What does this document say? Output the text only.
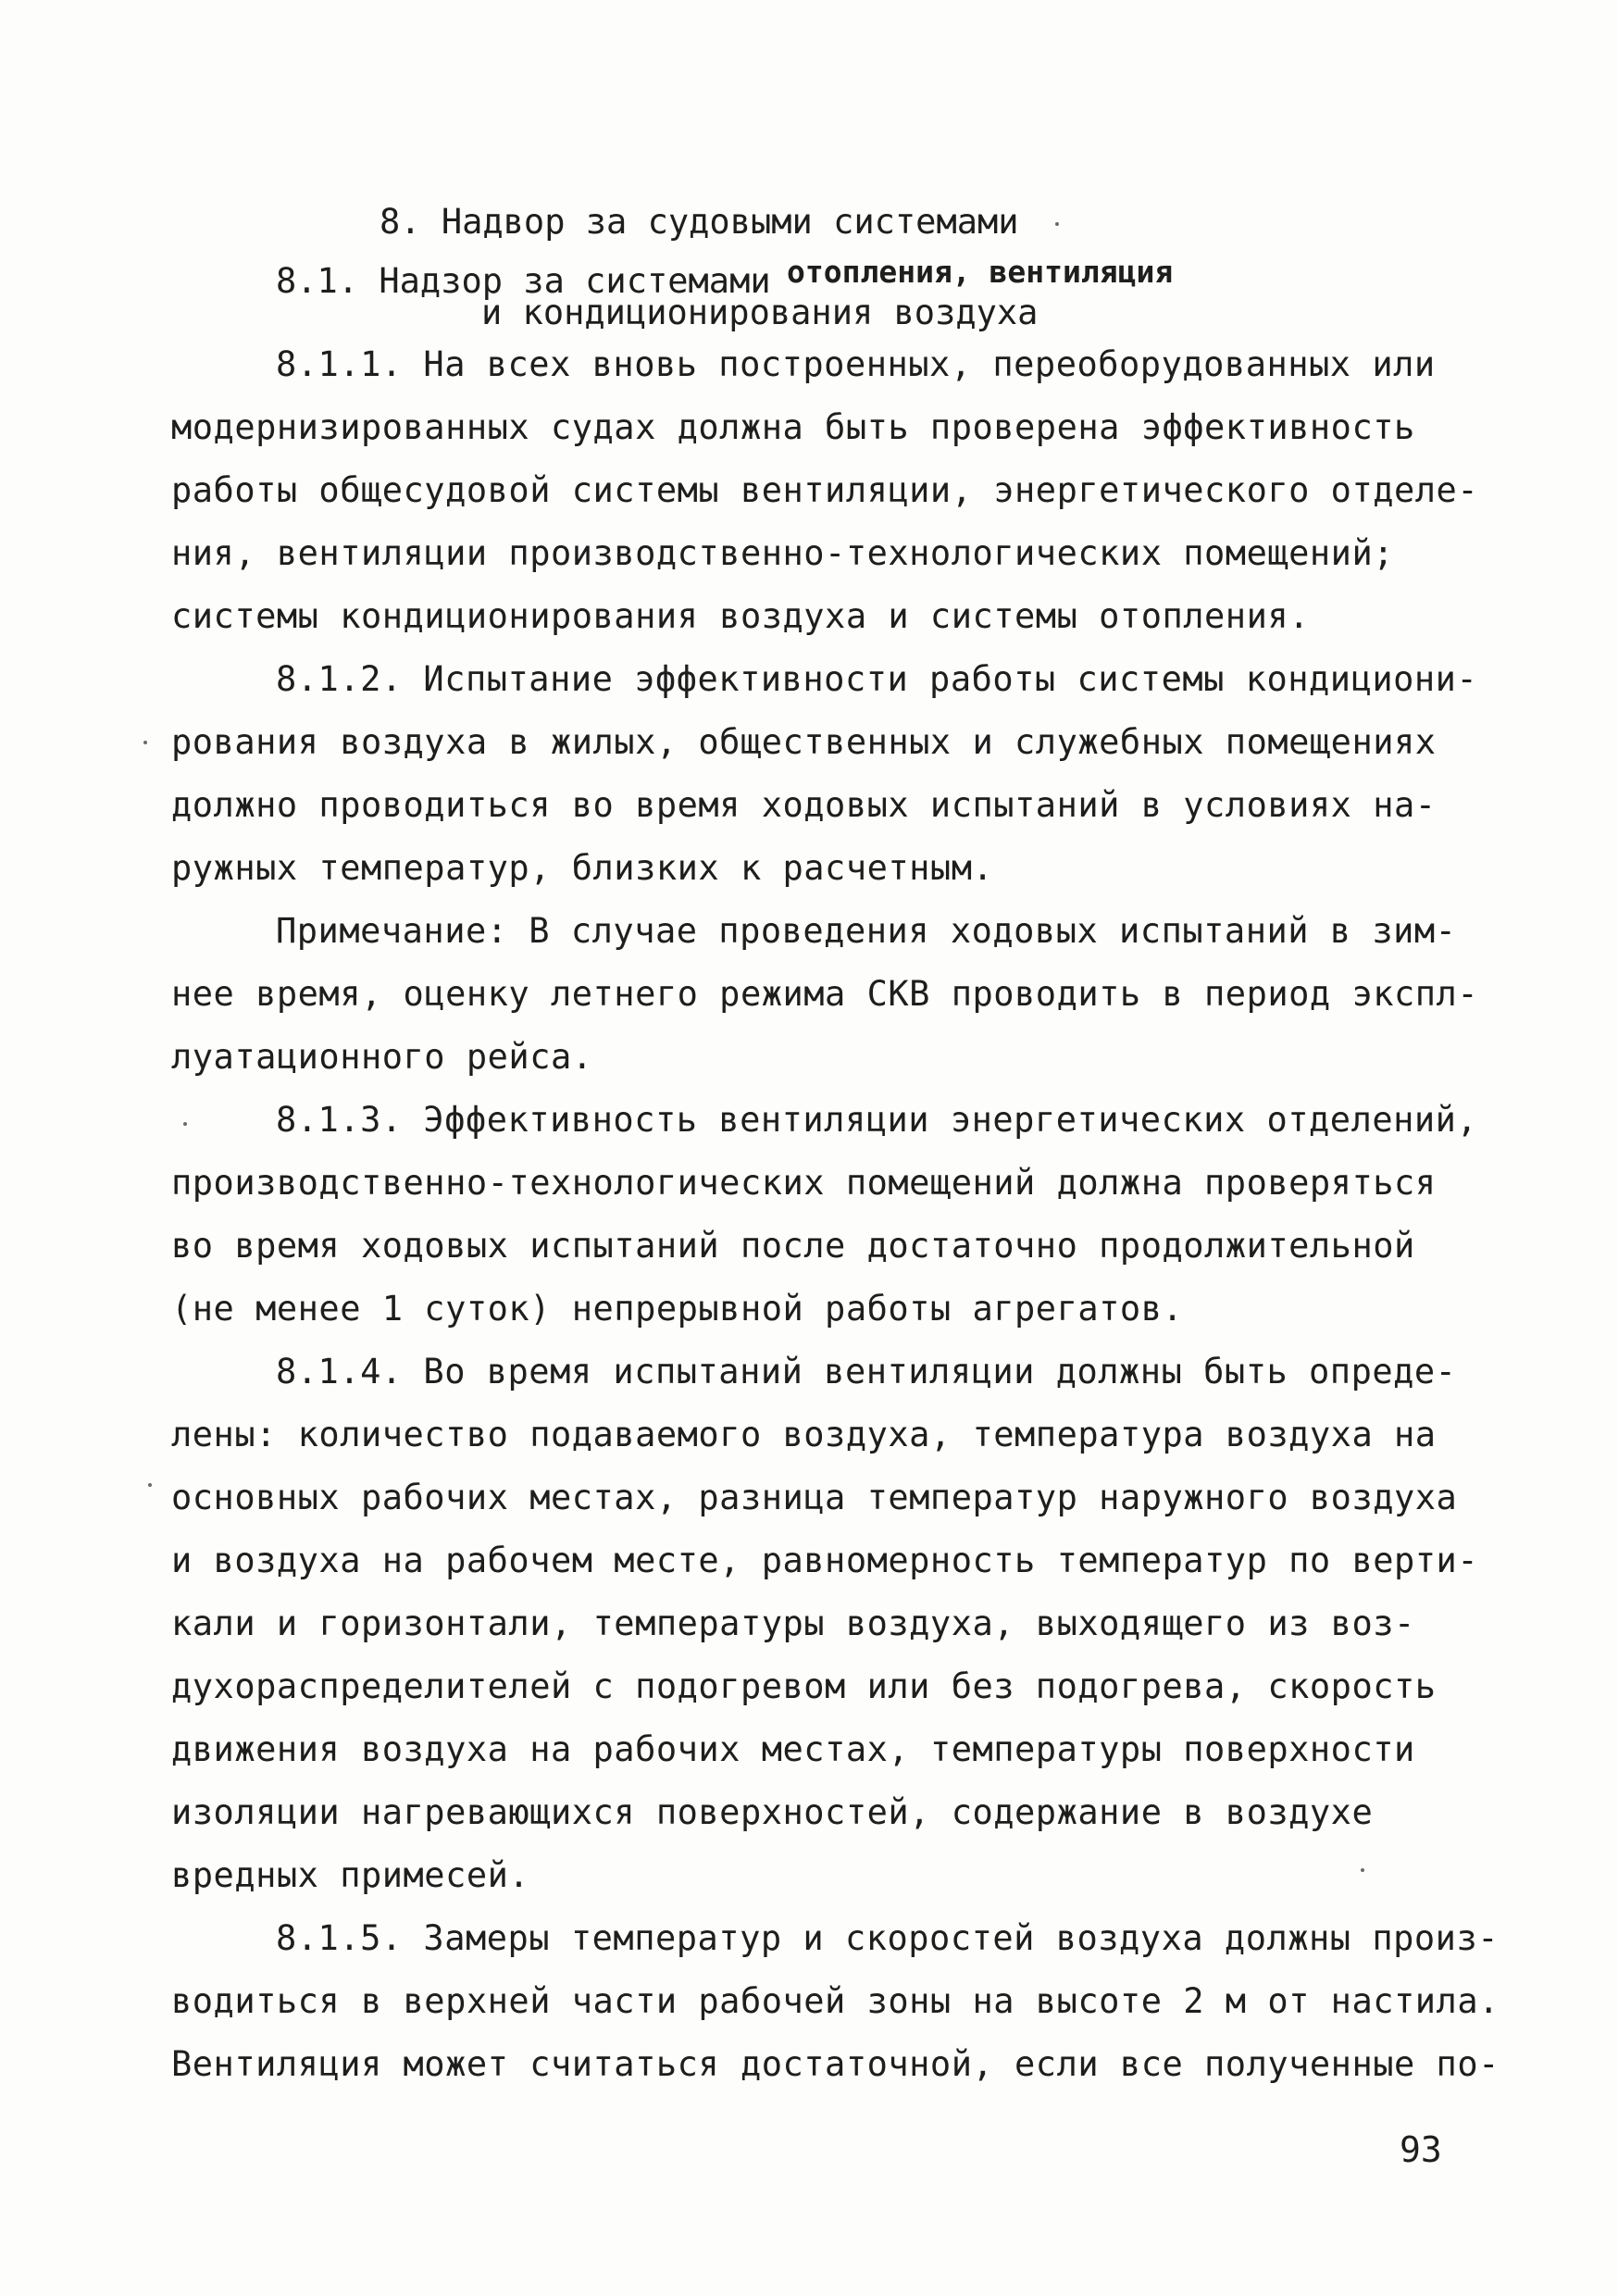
8. Надвор за судовыми системами
8.1. Надзор за системами отопления, вентиляция
и кондиционирования воздуха
8.1.1. На всех вновь построенных, переоборудованных или
модернизированных судах должна быть проверена эффективность
работы общесудовой системы вентиляции, энергетического отделе-
ния, вентиляции производственно-технологических помещений;
системы кондиционирования воздуха и системы отопления.
8.1.2. Испытание эффективности работы системы кондициони-
рования воздуха в жилых, общественных и служебных помещениях
должно проводиться во время ходовых испытаний в условиях на-
ружных температур, близких к расчетным.
Примечание: В случае проведения ходовых испытаний в зим-
нее время, оценку летнего режима СКВ проводить в период экспл-
луатационного рейса.
8.1.3. Эффективность вентиляции энергетических отделений,
производственно-технологических помещений должна проверяться
во время ходовых испытаний после достаточно продолжительной
(не менее 1 суток) непрерывной работы агрегатов.
8.1.4. Во время испытаний вентиляции должны быть опреде-
лены: количество подаваемого воздуха, температура воздуха на
основных рабочих местах, разница температур наружного воздуха
и воздуха на рабочем месте, равномерность температур по верти-
кали и горизонтали, температуры воздуха, выходящего из воз-
духораспределителей с подогревом или без подогрева, скорость
движения воздуха на рабочих местах, температуры поверхности
изоляции нагревающихся поверхностей, содержание в воздухе
вредных примесей.
8.1.5. Замеры температур и скоростей воздуха должны произ-
водиться в верхней части рабочей зоны на высоте 2 м от настила.
Вентиляция может считаться достаточной, если все полученные по-
93
